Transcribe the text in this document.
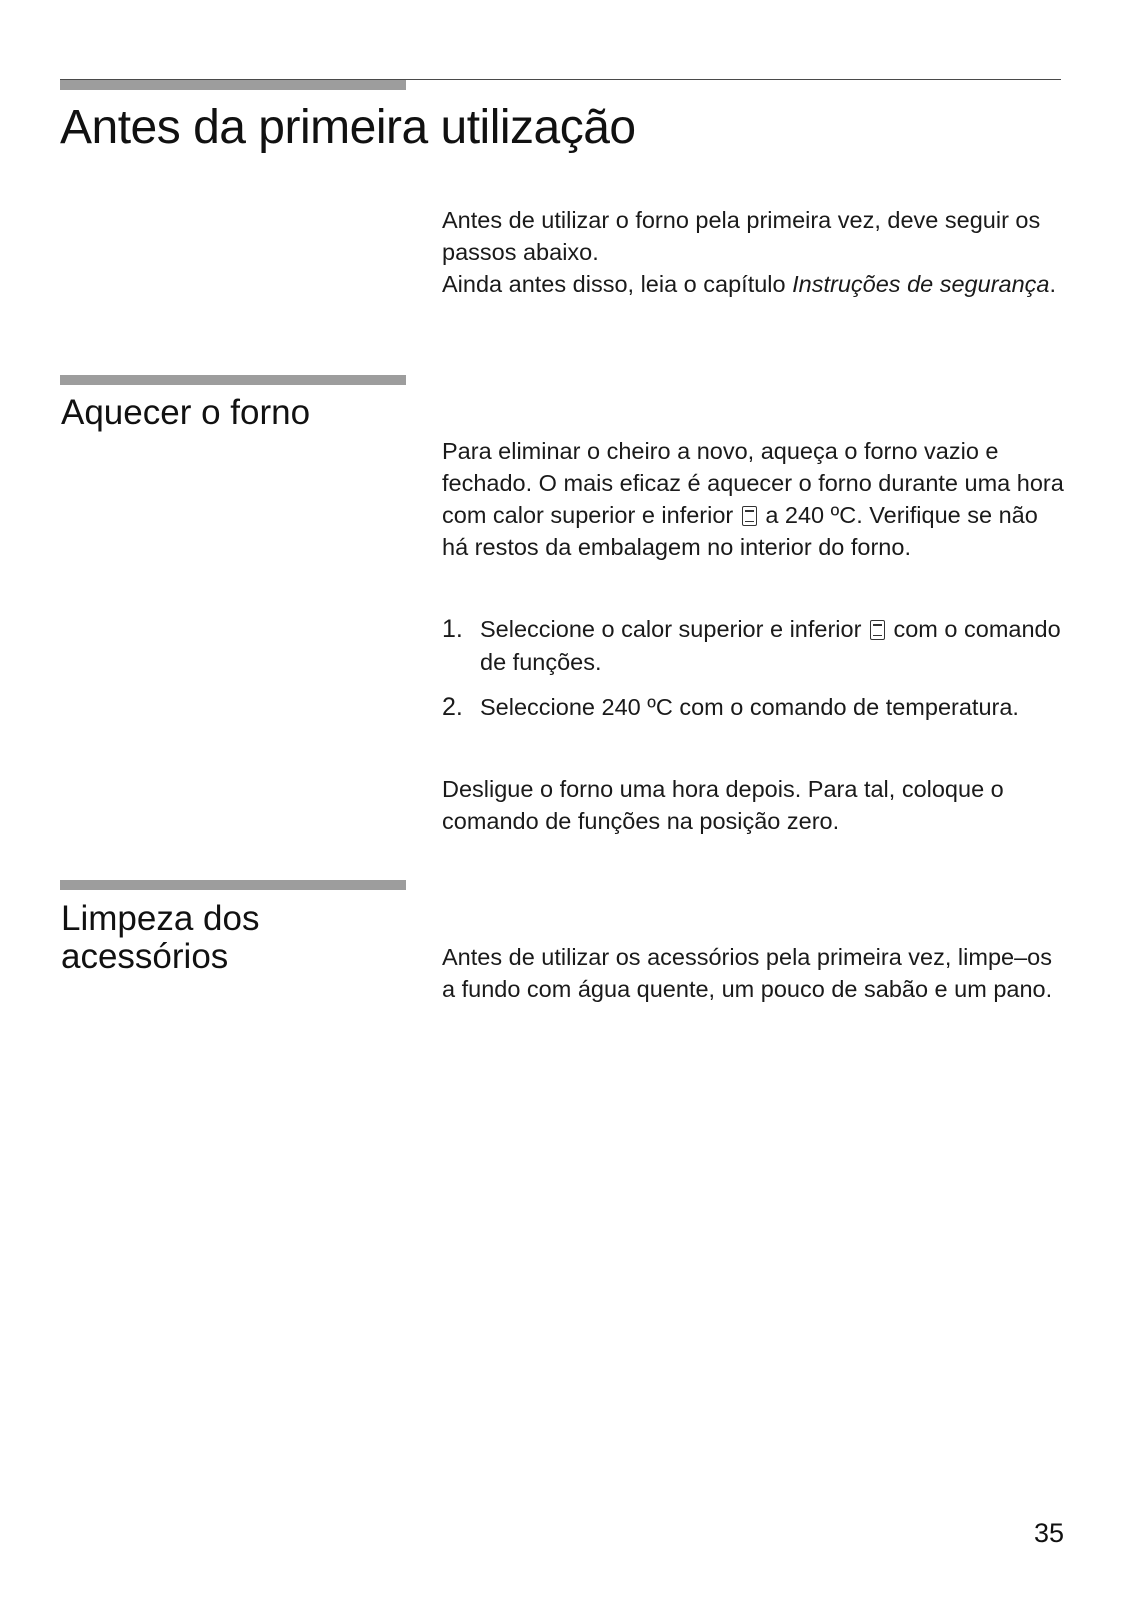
Antes da primeira utilização

Antes de utilizar o forno pela primeira vez, deve seguir os passos abaixo.
Ainda antes disso, leia o capítulo Instruções de segurança.

Aquecer o forno

Para eliminar o cheiro a novo, aqueça o forno vazio e fechado. O mais eficaz é aquecer o forno durante uma hora com calor superior e inferior a 240 ºC. Verifique se não há restos da embalagem no interior do forno.

1. Seleccione o calor superior e inferior com o comando de funções.
2. Seleccione 240 ºC com o comando de temperatura.

Desligue o forno uma hora depois. Para tal, coloque o comando de funções na posição zero.

Limpeza dos acessórios	Antes de utilizar os acessórios pela primeira vez, limpe–os a fundo com água quente, um pouco de sabão e um pano.

35
